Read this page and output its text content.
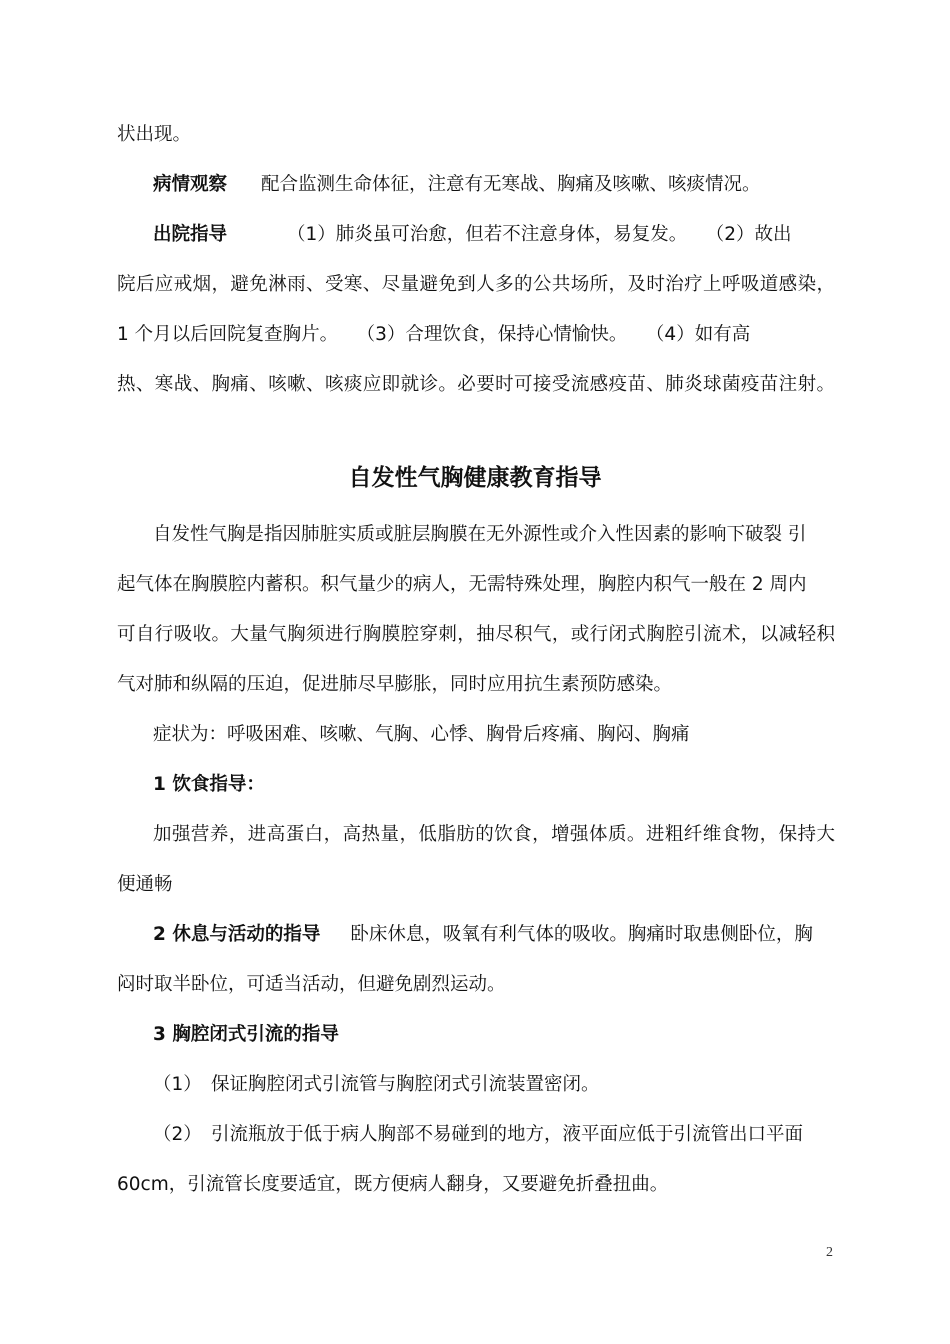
状出现。
病情观察 配合监测生命体征，注意有无寒战、胸痛及咳嗽、咳痰情况。
出院指导	（1）肺炎虽可治愈，但若不注意身体，易复发。　　（2）故出
院后应戒烟，避免淋雨、受寒、尽量避免到人多的公共场所，及时治疗上呼吸道感染，
1 个月以后回院复查胸片。　　（3）合理饮食，保持心情愉快。　　（4）如有高
热、寒战、胸痛、咳嗽、咳痰应即就诊。必要时可接受流感疫苗、肺炎球菌疫苗注射。
自发性气胸健康教育指导
自发性气胸是指因肺脏实质或脏层胸膜在无外源性或介入性因素的影响下破裂 引
起气体在胸膜腔内蓄积。积气量少的病人，无需特殊处理，胸腔内积气一般在 2 周内
可自行吸收。大量气胸须进行胸膜腔穿刺，抽尽积气，或行闭式胸腔引流术，以减轻积
气对肺和纵隔的压迫，促进肺尽早膨胀，同时应用抗生素预防感染。
症状为：呼吸困难、咳嗽、气胸、心悸、胸骨后疼痛、胸闷、胸痛
1 饮食指导：
加强营养，进高蛋白，高热量，低脂肪的饮食，增强体质。进粗纤维食物，保持大
便通畅
2 休息与活动的指导 卧床休息，吸氧有利气体的吸收。胸痛时取患侧卧位，胸
闷时取半卧位，可适当活动，但避免剧烈运动。
3 胸腔闭式引流的指导
（1）　保证胸腔闭式引流管与胸腔闭式引流装置密闭。
（2）　引流瓶放于低于病人胸部不易碰到的地方，液平面应低于引流管出口平面
60cm，引流管长度要适宜，既方便病人翻身，又要避免折叠扭曲。
2
